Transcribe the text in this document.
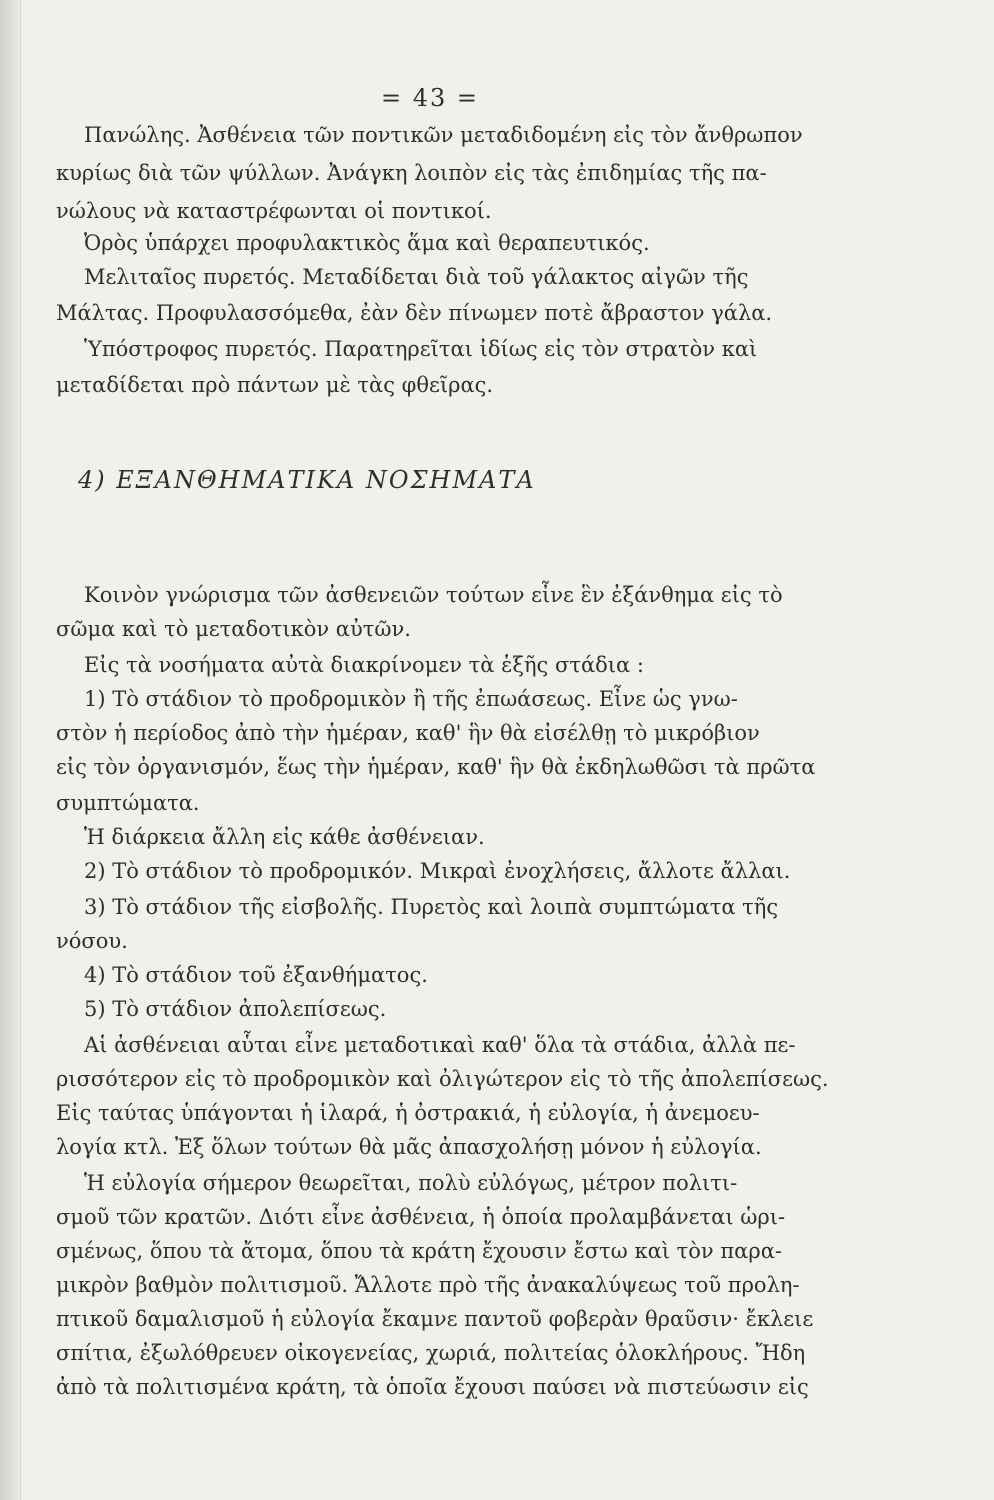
= 43 =
Πανώλης. Ἀσθένεια τῶν ποντικῶν μεταδιδομένη εἰς τὸν ἄνθρωπον
κυρίως διὰ τῶν ψύλλων. Ἀνάγκη λοιπὸν εἰς τὰς ἐπιδημίας τῆς πα-
νώλους νὰ καταστρέφωνται οἱ ποντικοί.
Ὀρὸς ὑπάρχει προφυλακτικὸς ἅμα καὶ θεραπευτικός.
Μελιταῖος πυρετός. Μεταδίδεται διὰ τοῦ γάλακτος αἰγῶν τῆς
Μάλτας. Προφυλασσόμεθα, ἐὰν δὲν πίνωμεν ποτὲ ἄβραστον γάλα.
Ὑπόστροφος πυρετός. Παρατηρεῖται ἰδίως εἰς τὸν στρατὸν καὶ
μεταδίδεται πρὸ πάντων μὲ τὰς φθεῖρας.
4) ΕΞΑΝΘΗΜΑΤΙΚΑ ΝΟΣΗΜΑΤΑ
Κοινὸν γνώρισμα τῶν ἀσθενειῶν τούτων εἶνε ἓν ἐξάνθημα εἰς τὸ
σῶμα καὶ τὸ μεταδοτικὸν αὐτῶν.
Εἰς τὰ νοσήματα αὐτὰ διακρίνομεν τὰ ἑξῆς στάδια :
1) Τὸ στάδιον τὸ προδρομικὸν ἢ τῆς ἐπωάσεως. Εἶνε ὡς γνω-
στὸν ἡ περίοδος ἀπὸ τὴν ἡμέραν, καθ' ἣν θὰ εἰσέλθῃ τὸ μικρόβιον
εἰς τὸν ὀργανισμόν, ἕως τὴν ἡμέραν, καθ' ἣν θὰ ἐκδηλωθῶσι τὰ πρῶτα
συμπτώματα.
Ἡ διάρκεια ἄλλη εἰς κάθε ἀσθένειαν.
2) Τὸ στάδιον τὸ προδρομικόν. Μικραὶ ἐνοχλήσεις, ἄλλοτε ἄλλαι.
3) Τὸ στάδιον τῆς εἰσβολῆς. Πυρετὸς καὶ λοιπὰ συμπτώματα τῆς
νόσου.
4) Τὸ στάδιον τοῦ ἐξανθήματος.
5) Τὸ στάδιον ἀπολεπίσεως.
Αἱ ἀσθένειαι αὗται εἶνε μεταδοτικαὶ καθ' ὅλα τὰ στάδια, ἀλλὰ πε-
ρισσότερον εἰς τὸ προδρομικὸν καὶ ὀλιγώτερον εἰς τὸ τῆς ἀπολεπίσεως.
Εἰς ταύτας ὑπάγονται ἡ ἱλαρά, ἡ ὀστρακιά, ἡ εὐλογία, ἡ ἀνεμοευ-
λογία κτλ. Ἐξ ὅλων τούτων θὰ μᾶς ἀπασχολήσῃ μόνον ἡ εὐλογία.
Ἡ εὐλογία σήμερον θεωρεῖται, πολὺ εὐλόγως, μέτρον πολιτι-
σμοῦ τῶν κρατῶν. Διότι εἶνε ἀσθένεια, ἡ ὁποία προλαμβάνεται ὡρι-
σμένως, ὅπου τὰ ἄτομα, ὅπου τὰ κράτη ἔχουσιν ἔστω καὶ τὸν παρα-
μικρὸν βαθμὸν πολιτισμοῦ. Ἄλλοτε πρὸ τῆς ἀνακαλύψεως τοῦ προλη-
πτικοῦ δαμαλισμοῦ ἡ εὐλογία ἔκαμνε παντοῦ φοβερὰν θραῦσιν· ἔκλειε
σπίτια, ἐξωλόθρευεν οἰκογενείας, χωριά, πολιτείας ὁλοκλήρους. Ἤδη
ἀπὸ τὰ πολιτισμένα κράτη, τὰ ὁποῖα ἔχουσι παύσει νὰ πιστεύωσιν εἰς
